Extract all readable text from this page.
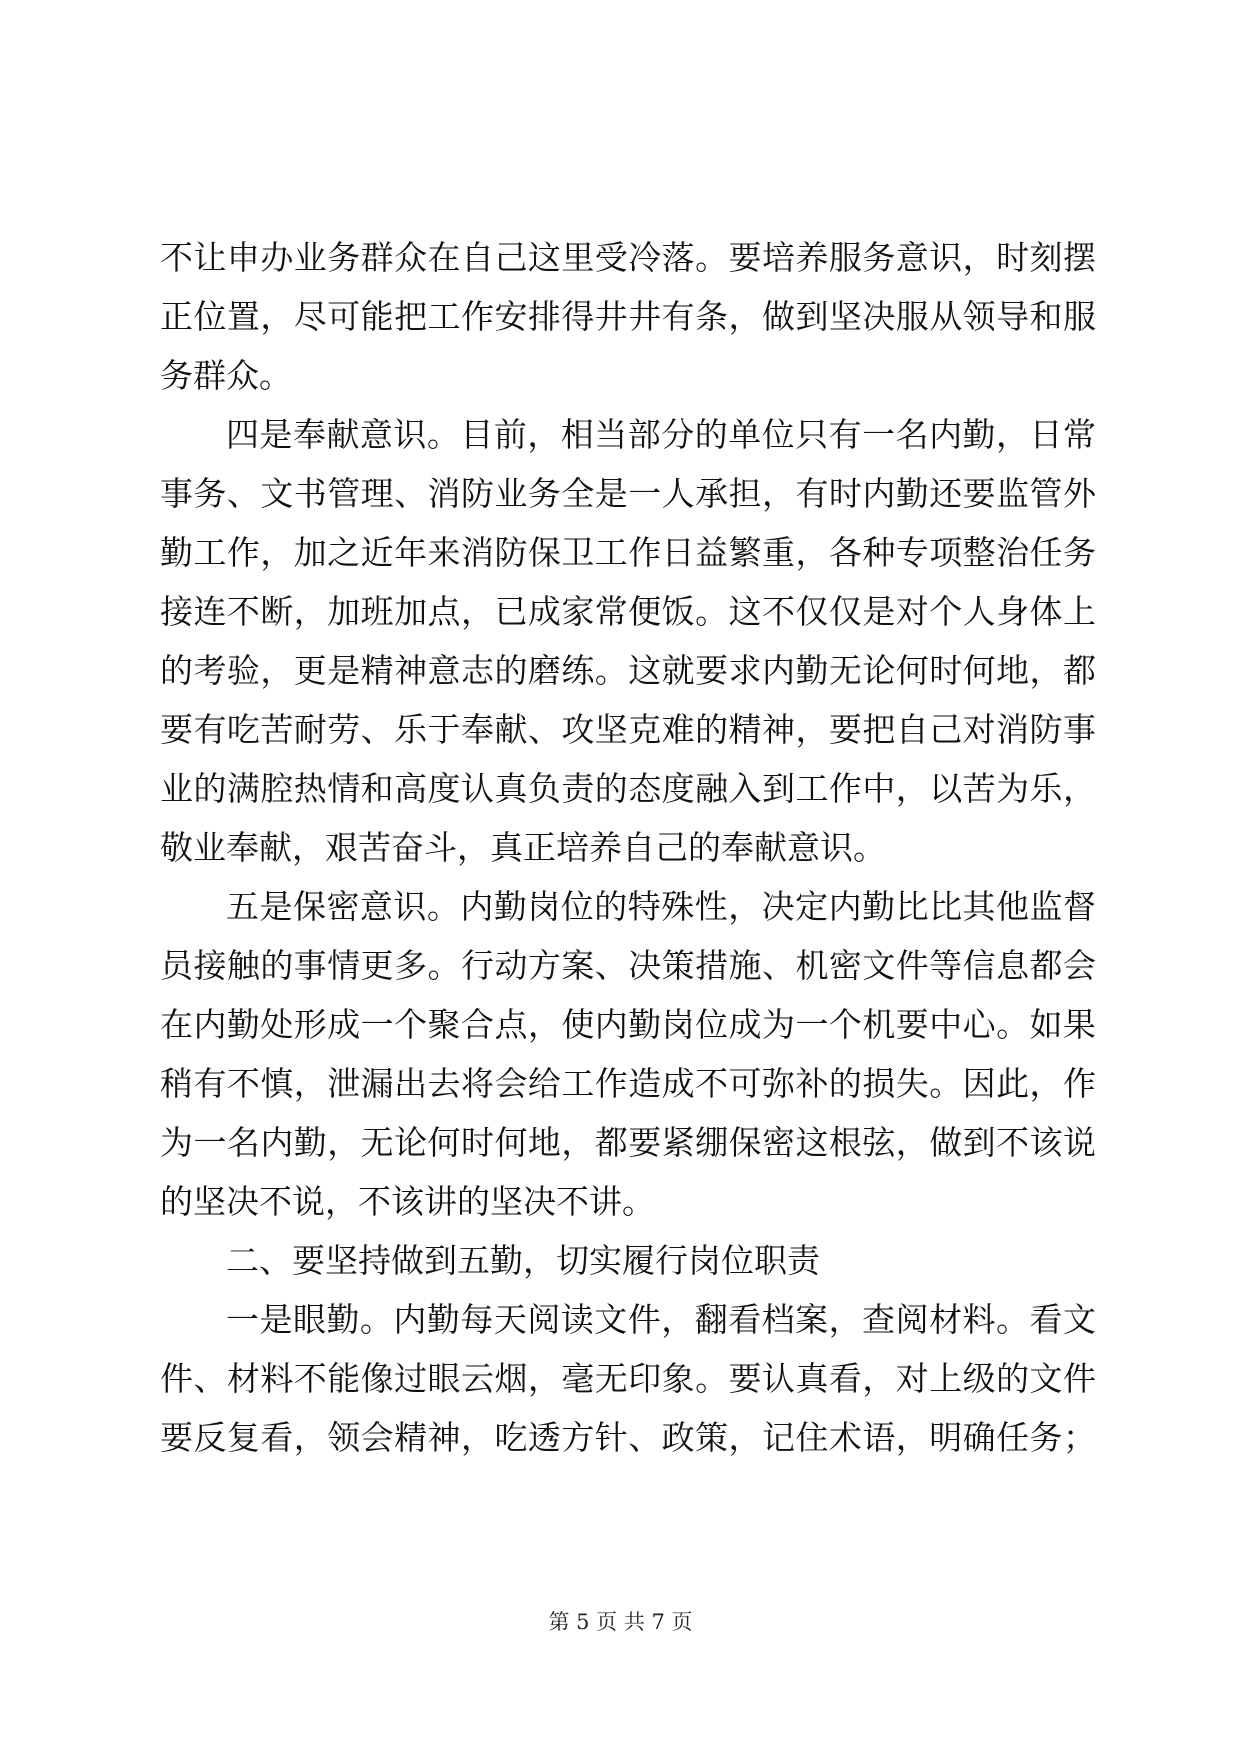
不让申办业务群众在自己这里受冷落。要培养服务意识，时刻摆
正位置，尽可能把工作安排得井井有条，做到坚决服从领导和服
务群众。
四是奉献意识。目前，相当部分的单位只有一名内勤，日常
事务、文书管理、消防业务全是一人承担，有时内勤还要监管外
勤工作，加之近年来消防保卫工作日益繁重，各种专项整治任务
接连不断，加班加点，已成家常便饭。这不仅仅是对个人身体上
的考验，更是精神意志的磨练。这就要求内勤无论何时何地，都
要有吃苦耐劳、乐于奉献、攻坚克难的精神，要把自己对消防事
业的满腔热情和高度认真负责的态度融入到工作中，以苦为乐，
敬业奉献，艰苦奋斗，真正培养自己的奉献意识。
五是保密意识。内勤岗位的特殊性，决定内勤比比其他监督
员接触的事情更多。行动方案、决策措施、机密文件等信息都会
在内勤处形成一个聚合点，使内勤岗位成为一个机要中心。如果
稍有不慎，泄漏出去将会给工作造成不可弥补的损失。因此，作
为一名内勤，无论何时何地，都要紧绷保密这根弦，做到不该说
的坚决不说，不该讲的坚决不讲。
二、要坚持做到五勤，切实履行岗位职责
一是眼勤。内勤每天阅读文件，翻看档案，查阅材料。看文
件、材料不能像过眼云烟，毫无印象。要认真看，对上级的文件
要反复看，领会精神，吃透方针、政策，记住术语，明确任务；
第 5 页 共 7 页
